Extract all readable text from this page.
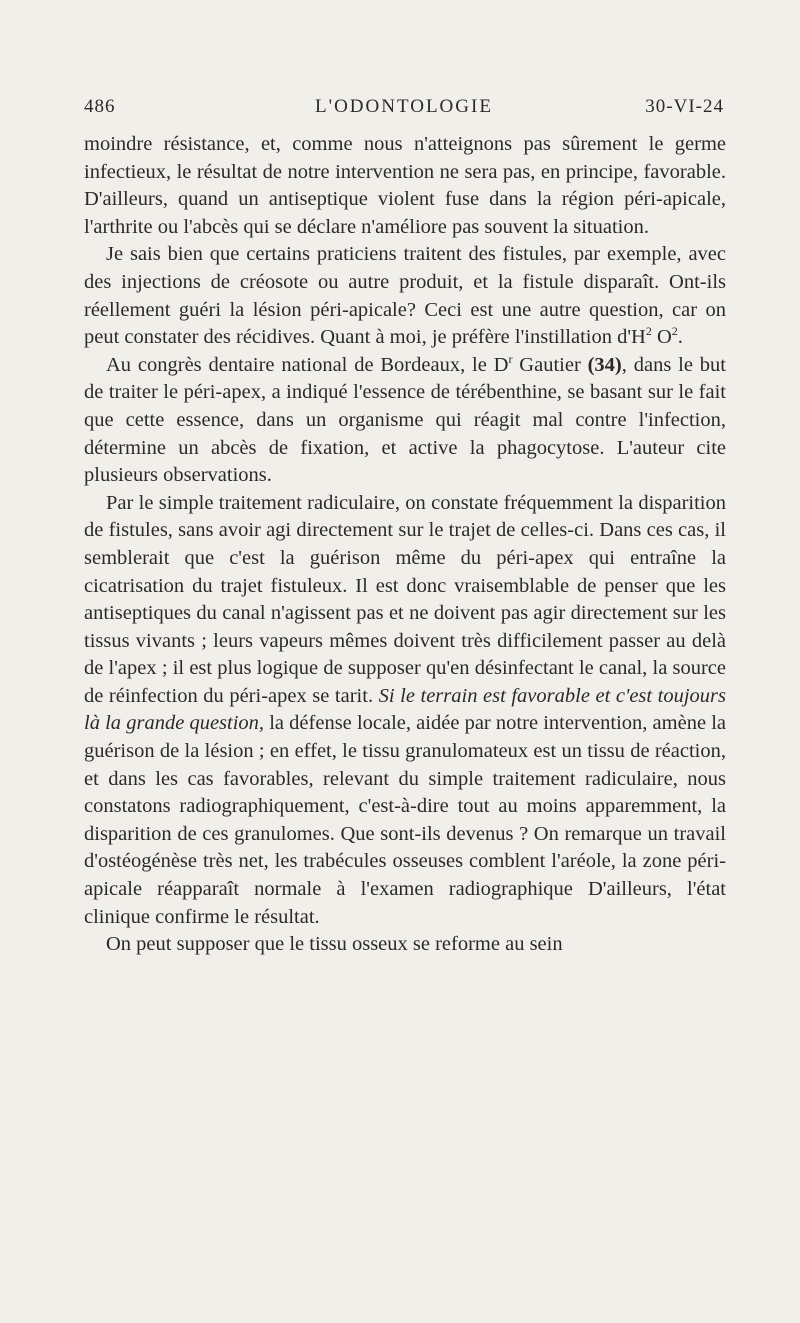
486	L'ODONTOLOGIE	30-VI-24

moindre résistance, et, comme nous n'atteignons pas sûrement le germe infectieux, le résultat de notre intervention ne sera pas, en principe, favorable. D'ailleurs, quand un antiseptique violent fuse dans la région péri-apicale, l'arthrite ou l'abcès qui se déclare n'améliore pas souvent la situation.

Je sais bien que certains praticiens traitent des fistules, par exemple, avec des injections de créosote ou autre produit, et la fistule disparaît. Ont-ils réellement guéri la lésion péri-apicale? Ceci est une autre question, car on peut constater des récidives. Quant à moi, je préfère l'instillation $d'H^2$ $O^2$.

Au congrès dentaire national de Bordeaux, le $D^r$ Gautier (34), dans le but de traiter le péri-apex, a indiqué l'essence de térébenthine, se basant sur le fait que cette essence, dans un organisme qui réagit mal contre l'infection, détermine un abcès de fixation, et active la phagocytose. L'auteur cite plusieurs observations.

Par le simple traitement radiculaire, on constate fréquemment la disparition de fistules, sans avoir agi directement sur le trajet de celles-ci. Dans ces cas, il semblerait que c'est la guérison même du péri-apex qui entraîne la cicatrisation du trajet fistuleux. Il est donc vraisemblable de penser que les antiseptiques du canal n'agissent pas et ne doivent pas agir directement sur les tissus vivants ; leurs vapeurs mêmes doivent très difficilement passer au delà de l'apex ; il est plus logique de supposer qu'en désinfectant le canal, la source de réinfection du péri-apex se tarit. Si le terrain est favorable et c'est toujours là la grande question, la défense locale, aidée par notre intervention, amène la guérison de la lésion ; en effet, le tissu granulomateux est un tissu de réaction, et dans les cas favorables, relevant du simple traitement radiculaire, nous constatons radiographiquement, c'est-à-dire tout au moins apparemment, la disparition de ces granulomes. Que sont-ils devenus ? On remarque un travail d'ostéogénèse très net, les trabécules osseuses comblent l'aréole, la zone péri-apicale réapparaît normale à l'examen radiographique D'ailleurs, l'état clinique confirme le résultat.

On peut supposer que le tissu osseux se reforme au sein
